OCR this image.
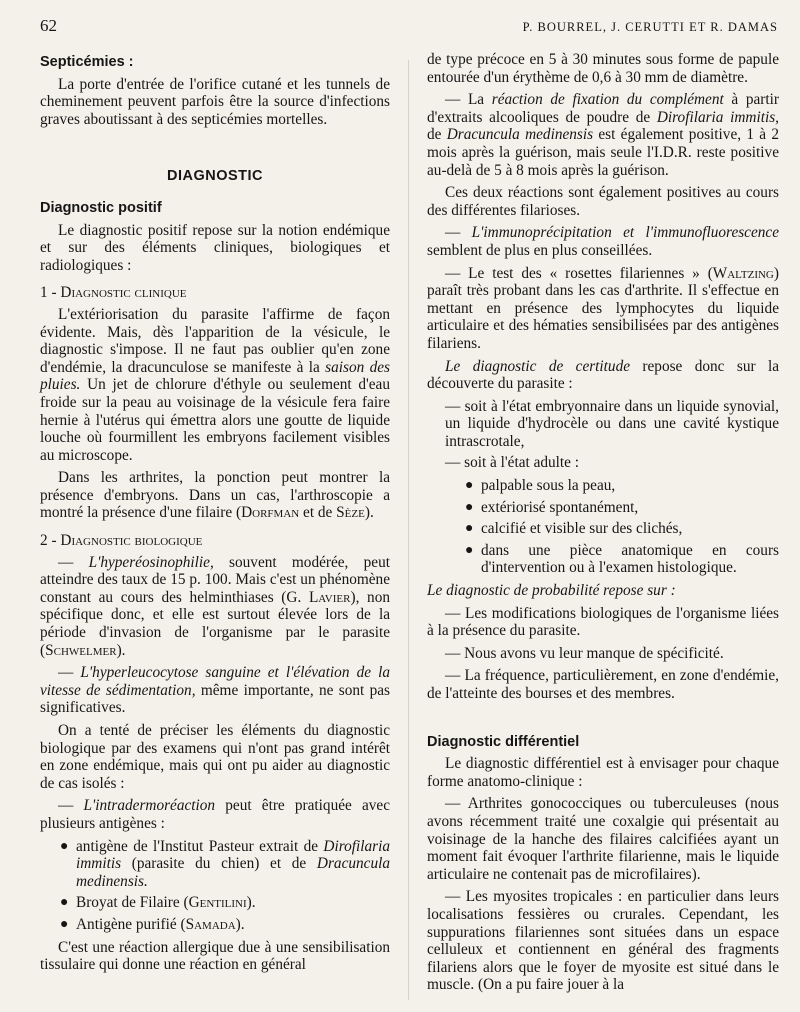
62	P. BOURREL, J. CERUTTI ET R. DAMAS

Septicémies :

La porte d'entrée de l'orifice cutané et les tunnels de cheminement peuvent parfois être la source d'infections graves aboutissant à des septicémies mortelles.

DIAGNOSTIC

Diagnostic positif

Le diagnostic positif repose sur la notion endémique et sur des éléments cliniques, biologiques et radiologiques :

1 - Diagnostic clinique

L'extériorisation du parasite l'affirme de façon évidente. Mais, dès l'apparition de la vésicule, le diagnostic s'impose. Il ne faut pas oublier qu'en zone d'endémie, la dracunculose se manifeste à la saison des pluies. Un jet de chlorure d'éthyle ou seulement d'eau froide sur la peau au voisinage de la vésicule fera faire hernie à l'utérus qui émettra alors une goutte de liquide louche où fourmillent les embryons facilement visibles au microscope.

Dans les arthrites, la ponction peut montrer la présence d'embryons. Dans un cas, l'arthroscopie a montré la présence d'une filaire (Dorfman et de Sèze).

2 - Diagnostic biologique

— L'hyperéosinophilie, souvent modérée, peut atteindre des taux de 15 p. 100. Mais c'est un phénomène constant au cours des helminthiases (G. Lavier), non spécifique donc, et elle est surtout élevée lors de la période d'invasion de l'organisme par le parasite (Schwelmer).

— L'hyperleucocytose sanguine et l'élévation de la vitesse de sédimentation, même importante, ne sont pas significatives.

On a tenté de préciser les éléments du diagnostic biologique par des examens qui n'ont pas grand intérêt en zone endémique, mais qui ont pu aider au diagnostic de cas isolés :

— L'intradermoréaction peut être pratiquée avec plusieurs antigènes :

● antigène de l'Institut Pasteur extrait de Dirofilaria immitis (parasite du chien) et de Dracuncula medinensis.
● Broyat de Filaire (Gentilini).
● Antigène purifié (Samada).

C'est une réaction allergique due à une sensibilisation tissulaire qui donne une réaction en général

de type précoce en 5 à 30 minutes sous forme de papule entourée d'un érythème de 0,6 à 30 mm de diamètre.

— La réaction de fixation du complément à partir d'extraits alcooliques de poudre de Dirofilaria immitis, de Dracuncula medinensis est également positive, 1 à 2 mois après la guérison, mais seule l'I.D.R. reste positive au-delà de 5 à 8 mois après la guérison.

Ces deux réactions sont également positives au cours des différentes filarioses.

— L'immunoprécipitation et l'immunofluorescence semblent de plus en plus conseillées.

— Le test des « rosettes filariennes » (Waltzing) paraît très probant dans les cas d'arthrite. Il s'effectue en mettant en présence des lymphocytes du liquide articulaire et des hématies sensibilisées par des antigènes filariens.

Le diagnostic de certitude repose donc sur la découverte du parasite :

— soit à l'état embryonnaire dans un liquide synovial, un liquide d'hydrocèle ou dans une cavité kystique intrascrotale,
— soit à l'état adulte :
● palpable sous la peau,
● extériorisé spontanément,
● calcifié et visible sur des clichés,
● dans une pièce anatomique en cours d'intervention ou à l'examen histologique.

Le diagnostic de probabilité repose sur :

— Les modifications biologiques de l'organisme liées à la présence du parasite.

— Nous avons vu leur manque de spécificité.

— La fréquence, particulièrement, en zone d'endémie, de l'atteinte des bourses et des membres.

Diagnostic différentiel

Le diagnostic différentiel est à envisager pour chaque forme anatomo-clinique :

— Arthrites gonococciques ou tuberculeuses (nous avons récemment traité une coxalgie qui présentait au voisinage de la hanche des filaires calcifiées ayant un moment fait évoquer l'arthrite filarienne, mais le liquide articulaire ne contenait pas de microfilaires).

— Les myosites tropicales : en particulier dans leurs localisations fessières ou crurales. Cependant, les suppurations filariennes sont situées dans un espace celluleux et contiennent en général des fragments filariens alors que le foyer de myosite est situé dans le muscle. (On a pu faire jouer à la
